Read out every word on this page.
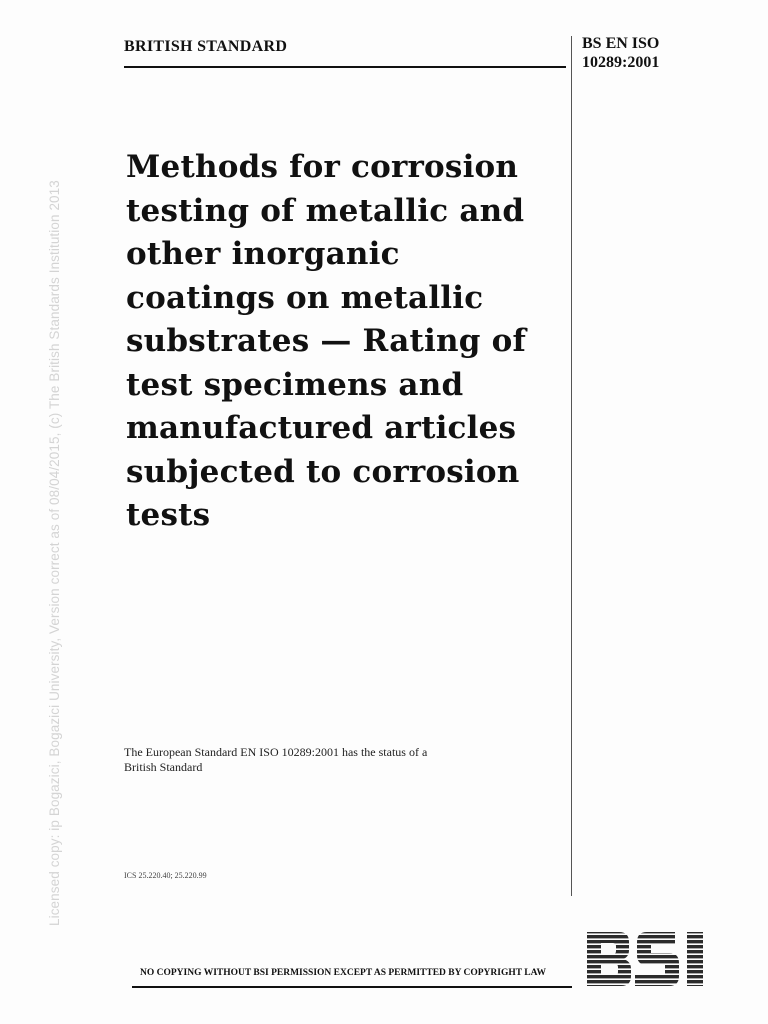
BRITISH STANDARD	BS EN ISO
10289:2001
Methods for corrosion
testing of metallic and
other inorganic
coatings on metallic
substrates — Rating of
test specimens and
manufactured articles
subjected to corrosion
tests
The European Standard EN ISO 10289:2001 has the status of a
British Standard
ICS 25.220.40; 25.220.99
Licensed copy: ip Bogazici, Bogazici University, Version correct as of 08/04/2015, (c) The British Standards Institution 2013
NO COPYING WITHOUT BSI PERMISSION EXCEPT AS PERMITTED BY COPYRIGHT LAW
